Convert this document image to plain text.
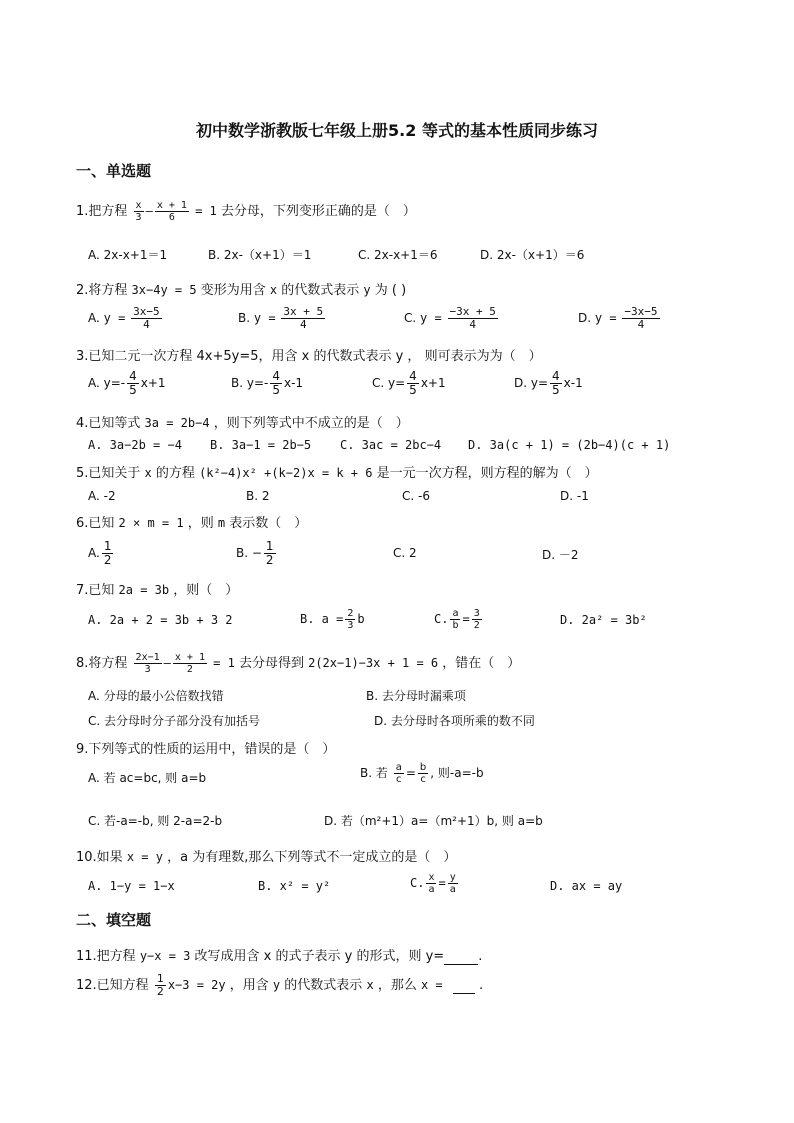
初中数学浙教版七年级上册5.2 等式的基本性质同步练习
一、单选题
1.把方程 $\frac{x}{3} - \frac{x + 1}{6} = 1$ 去分母，下列变形正确的是（　）
A. 2x-x+1＝1	B. 2x-（x+1）＝1	C. 2x-x+1＝6	D. 2x-（x+1）＝6
2.将方程 3x−4y = 5 变形为用含 x 的代数式表示 y 为 ( )
A. $y = \frac{3x-5}{4}$	B. $y = \frac{3x + 5}{4}$	C. $y = \frac{-3x + 5}{4}$	D. $y = \frac{-3x-5}{4}$
3.已知二元一次方程 4x+5y=5，用含 x 的代数式表示 y ， 则可表示为为（　）
A. $y=- \frac{4}{5} x+1$	B. $y=- \frac{4}{5} x-1$	C. $y= \frac{4}{5} x+1$	D. $y= \frac{4}{5} x-1$
4.已知等式 3a = 2b−4 ，则下列等式中不成立的是（　）
A. 3a−2b = −4 B. 3a−1 = 2b−5 C. 3ac = 2bc−4 D. 3a(c + 1) = (2b−4)(c + 1)
5.已知关于 x 的方程 (k²−4)x² +(k−2)x = k + 6 是一元一次方程，则方程的解为（　）
A. -2	B. 2	C. -6	D. -1
6.已知 2 × m = 1 ，则 m 表示数（　）
A. $\frac{1}{2}$	B. − $\frac{1}{2}$	C. 2	D. －2
7.已知 2a = 3b ，则（　）
A. 2a + 2 = 3b + 3 2	B. $a = \frac{2}{3}$ b	C. $\frac{a}{b} = \frac{3}{2}$	D. 2a² = 3b²
8.将方程 $\frac{2x-1}{3} - \frac{x + 1}{2} = 1$ 去分母得到 2(2x−1)−3x + 1 = 6 ，错在（　）
A. 分母的最小公倍数找错	B. 去分母时漏乘项
C. 去分母时分子部分没有加括号	D. 去分母时各项所乘的数不同
9.下列等式的性质的运用中，错误的是（　）
A. 若 ac=bc, 则 a=b	B. 若 $\frac{a}{c} = \frac{b}{c}$ , 则-a=-b
C. 若-a=-b, 则 2-a=2-b	D. 若（m²+1）a=（m²+1）b, 则 a=b
10.如果 x = y ，a 为有理数,那么下列等式不一定成立的是（　）
A. 1−y = 1−x	B. x² = y²	C. $\frac{x}{a} = \frac{y}{a}$	D. ax = ay
二、填空题
11.把方程 y−x = 3 改写成用含 x 的式子表示 y 的形式，则 y=	.
12.已知方程 $\frac{1}{2} x-3 = 2y$ ，用含 y 的代数式表示 x ，那么 x =	.
